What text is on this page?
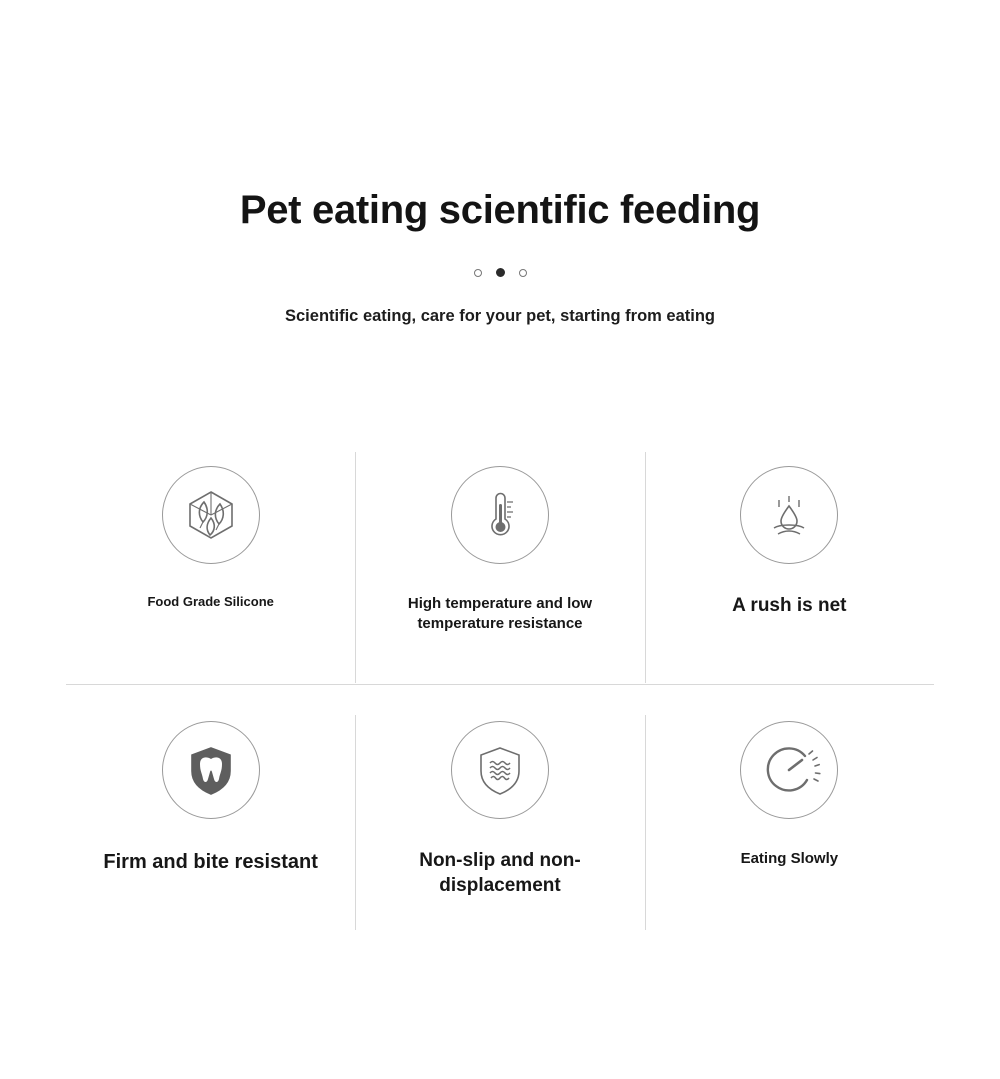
Pet eating scientific feeding
Scientific eating, care for your pet, starting from eating
Food Grade Silicone	High temperature and low temperature resistance
A rush is net
Firm and bite resistant	Non-slip and non-displacement
Eating Slowly
